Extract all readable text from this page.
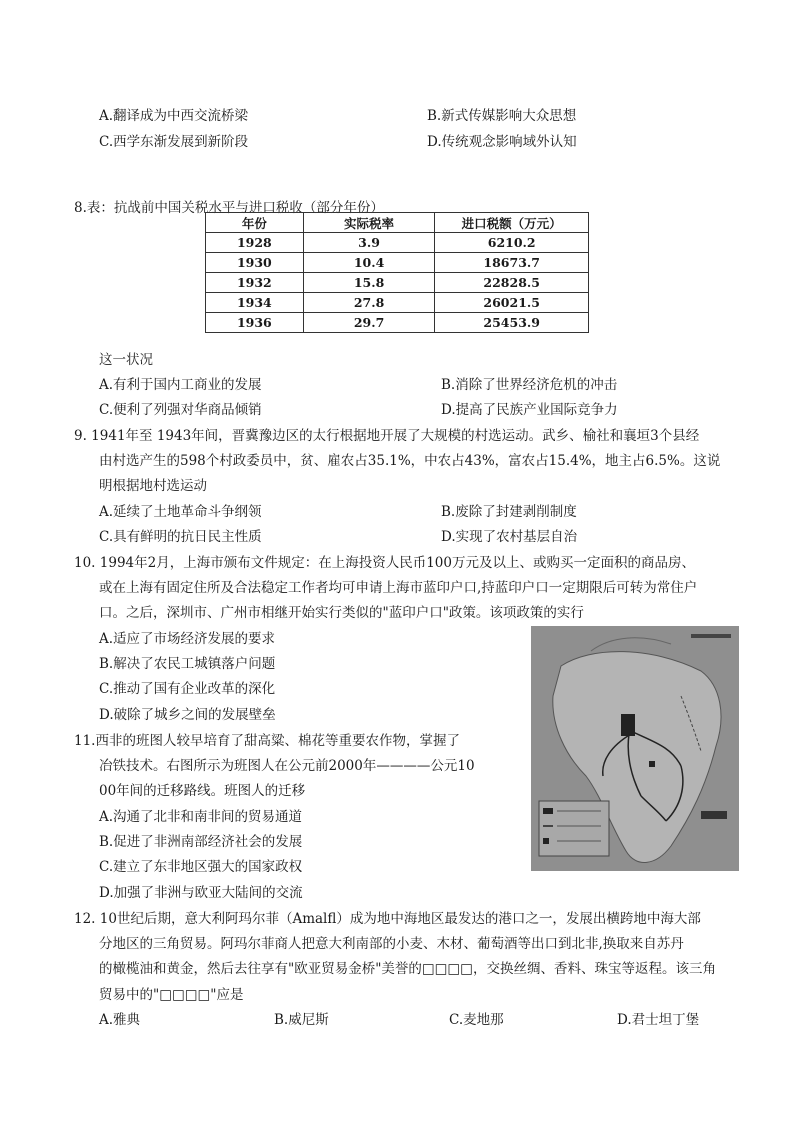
A.翻译成为中西交流桥梁	B.新式传媒影响大众思想
C.西学东渐发展到新阶段	D.传统观念影响域外认知
8.表：抗战前中国关税水平与进口税收（部分年份）
年份	实际税率	进口税额（万元）
1928	3.9	6210.2
1930	10.4	18673.7
1932	15.8	22828.5
1934	27.8	26021.5
1936	29.7	25453.9
这一状况
A.有利于国内工商业的发展	B.消除了世界经济危机的冲击
C.便利了列强对华商品倾销	D.提高了民族产业国际竞争力
9. 1941年至 1943年间，晋冀豫边区的太行根据地开展了大规模的村选运动。武乡、榆社和襄垣3个县经
由村选产生的598个村政委员中，贫、雇农占35.1%，中农占43%，富农占15.4%，地主占6.5%。这说
明根据地村选运动
A.延续了土地革命斗争纲领	B.废除了封建剥削制度
C.具有鲜明的抗日民主性质	D.实现了农村基层自治
10. 1994年2月，上海市颁布文件规定：在上海投资人民币100万元及以上、或购买一定面积的商品房、
或在上海有固定住所及合法稳定工作者均可申请上海市蓝印户口,持蓝印户口一定期限后可转为常住户
口。之后，深圳市、广州市相继开始实行类似的"蓝印户口"政策。该项政策的实行
A.适应了市场经济发展的要求
B.解决了农民工城镇落户问题
C.推动了国有企业改革的深化
D.破除了城乡之间的发展壁垒
11.西非的班图人较早培育了甜高粱、棉花等重要农作物，掌握了
冶铁技术。右图所示为班图人在公元前2000年————公元10
00年间的迁移路线。班图人的迁移
A.沟通了北非和南非间的贸易通道
B.促进了非洲南部经济社会的发展
C.建立了东非地区强大的国家政权
D.加强了非洲与欧亚大陆间的交流
12. 10世纪后期，意大利阿玛尔菲（Amalfl）成为地中海地区最发达的港口之一，发展出横跨地中海大部
分地区的三角贸易。阿玛尔菲商人把意大利南部的小麦、木材、葡萄酒等出口到北非,换取来自苏丹
的橄榄油和黄金，然后去往享有"欧亚贸易金桥"美誉的□□□□，交换丝绸、香料、珠宝等返程。该三角
贸易中的"□□□□"应是
A.雅典	B.威尼斯	C.麦地那	D.君士坦丁堡
